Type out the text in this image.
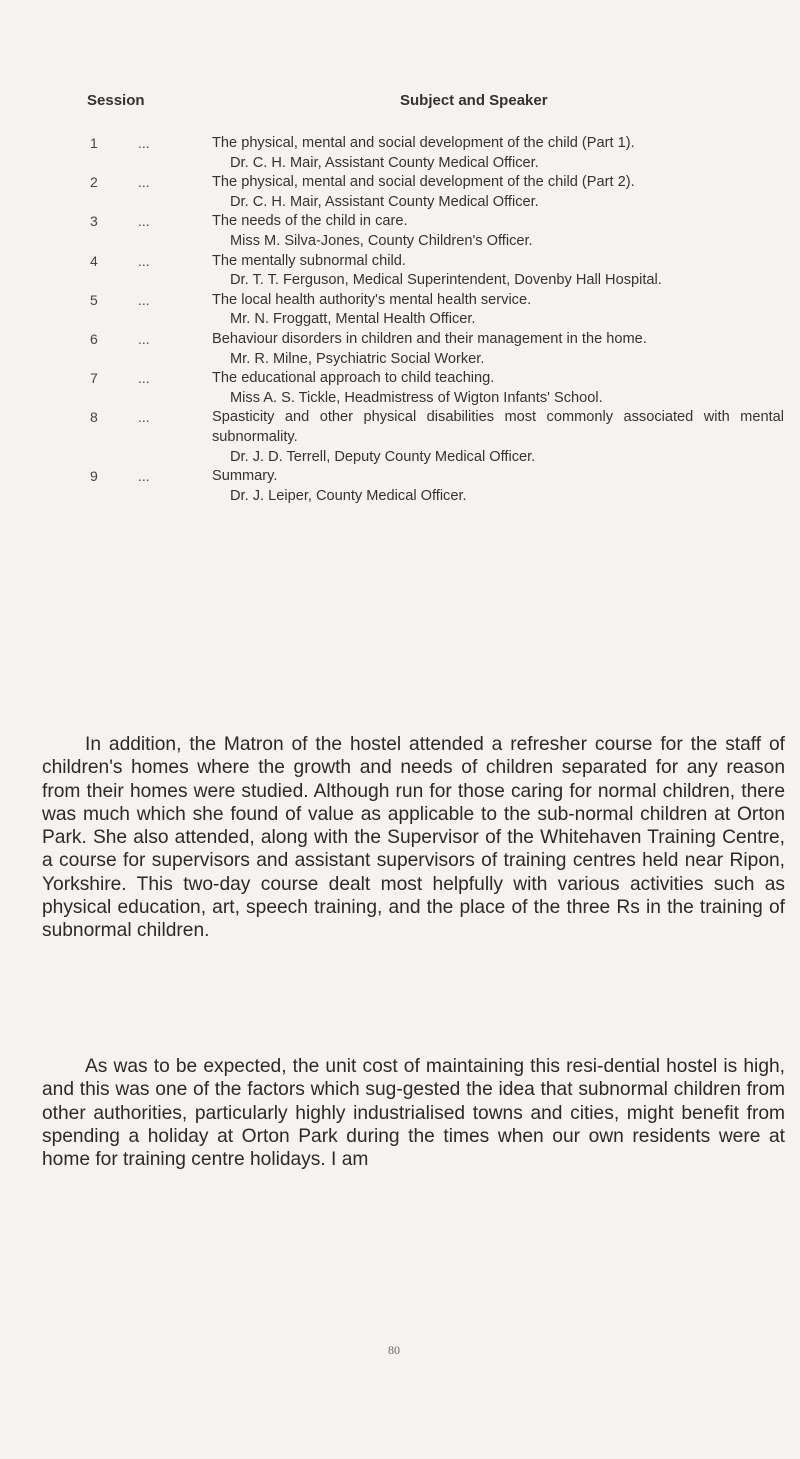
Session	Subject and Speaker
1	...	The physical, mental and social development of the child (Part 1).
Dr. C. H. Mair, Assistant County Medical Officer.
2	...	The physical, mental and social development of the child (Part 2).
Dr. C. H. Mair, Assistant County Medical Officer.
3	...	The needs of the child in care.
Miss M. Silva-Jones, County Children's Officer.
4	...	The mentally subnormal child.
Dr. T. T. Ferguson, Medical Superintendent, Dovenby Hall Hospital.
5	...	The local health authority's mental health service.
Mr. N. Froggatt, Mental Health Officer.
6	...	Behaviour disorders in children and their management in the home.
Mr. R. Milne, Psychiatric Social Worker.
7	...	The educational approach to child teaching.
Miss A. S. Tickle, Headmistress of Wigton Infants' School.
8	...	Spasticity and other physical disabilities most commonly associated with mental subnormality.
Dr. J. D. Terrell, Deputy County Medical Officer.
9	...	Summary.
Dr. J. Leiper, County Medical Officer.

In addition, the Matron of the hostel attended a refresher course for the staff of children's homes where the growth and needs of children separated for any reason from their homes were studied. Although run for those caring for normal children, there was much which she found of value as applicable to the sub-normal children at Orton Park. She also attended, along with the Supervisor of the Whitehaven Training Centre, a course for supervisors and assistant supervisors of training centres held near Ripon, Yorkshire. This two-day course dealt most helpfully with various activities such as physical education, art, speech training, and the place of the three Rs in the training of subnormal children.

As was to be expected, the unit cost of maintaining this resi-dential hostel is high, and this was one of the factors which sug-gested the idea that subnormal children from other authorities, particularly highly industrialised towns and cities, might benefit from spending a holiday at Orton Park during the times when our own residents were at home for training centre holidays. I am

80
